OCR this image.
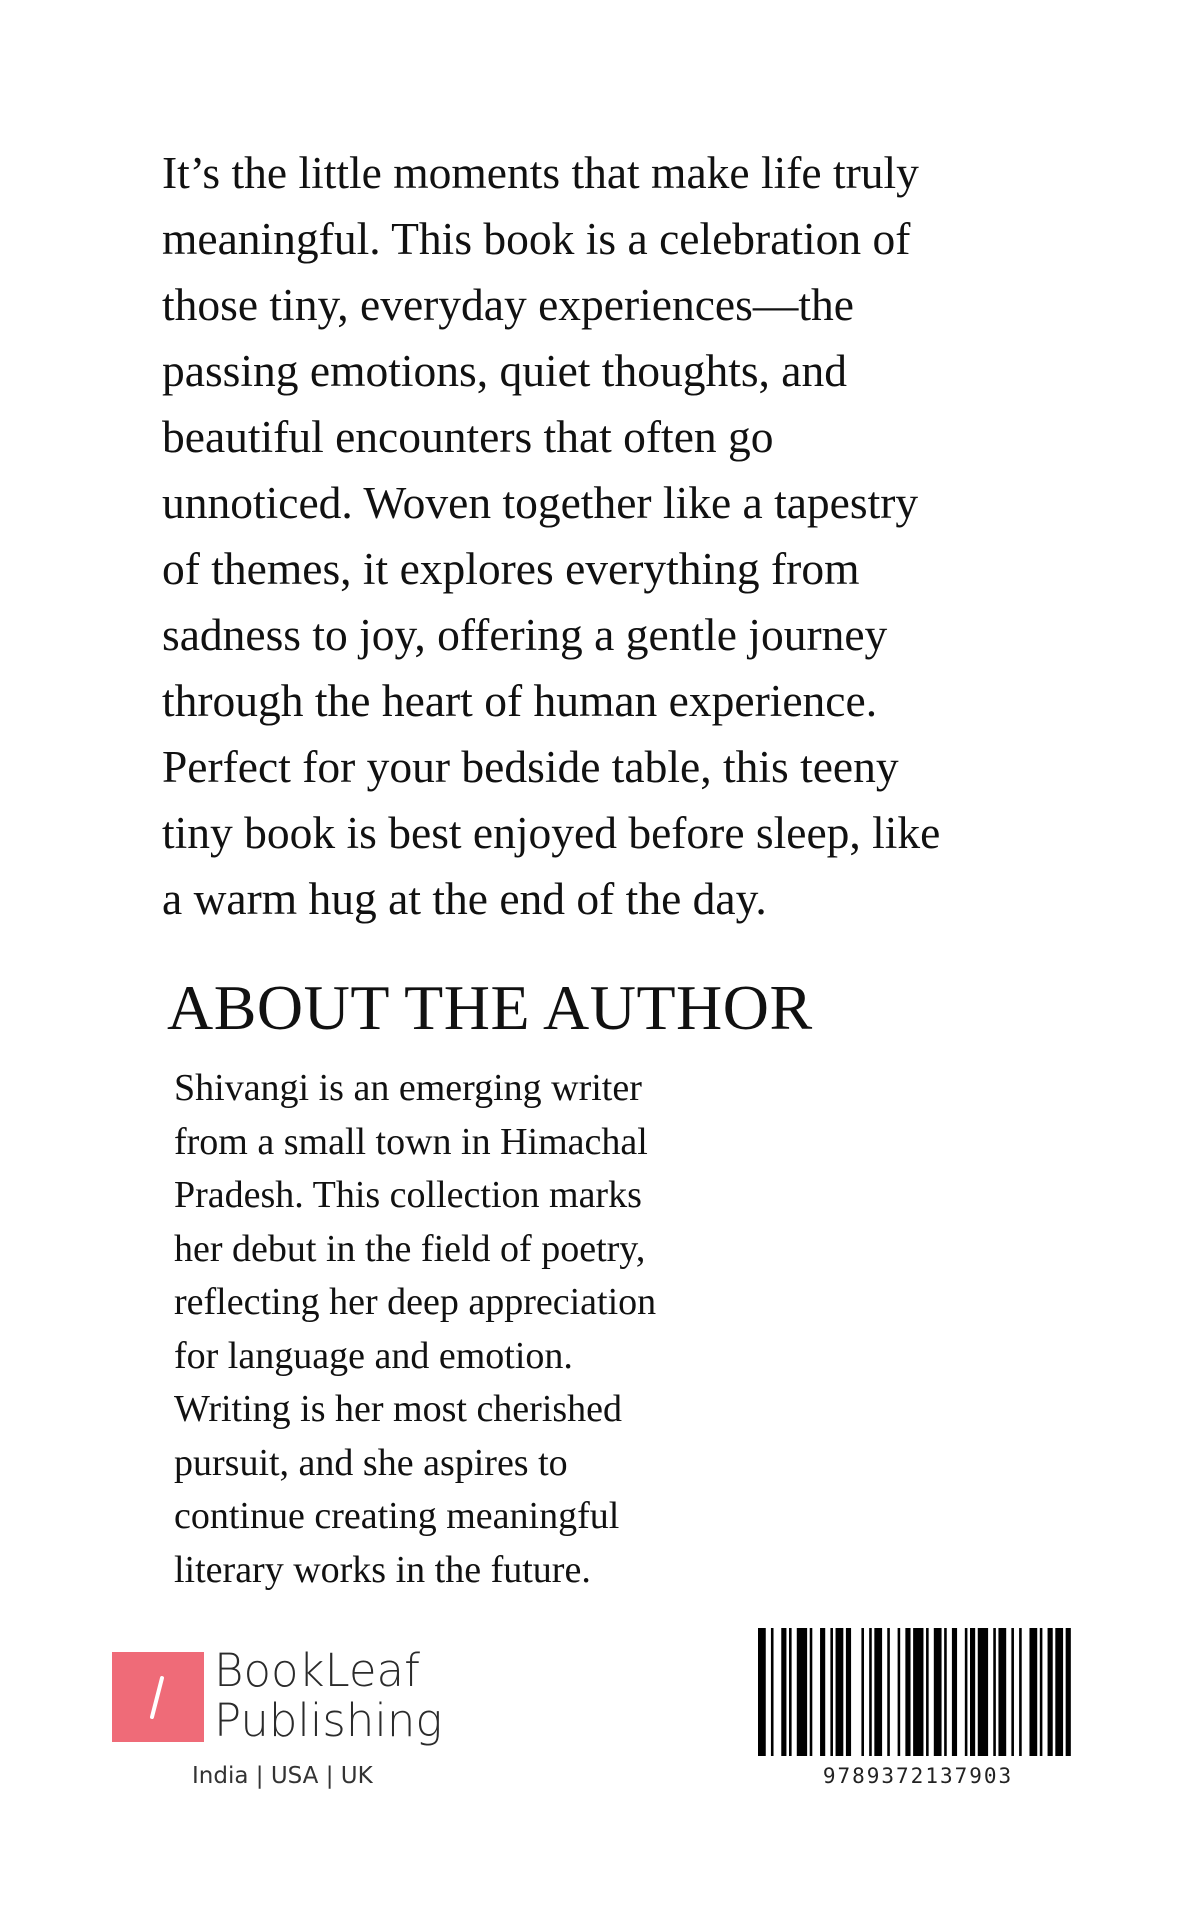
It’s the little moments that make life truly
meaningful. This book is a celebration of
those tiny, everyday experiences—the
passing emotions, quiet thoughts, and
beautiful encounters that often go
unnoticed. Woven together like a tapestry
of themes, it explores everything from
sadness to joy, offering a gentle journey
through the heart of human experience.
Perfect for your bedside table, this teeny
tiny book is best enjoyed before sleep, like
a warm hug at the end of the day.
ABOUT THE AUTHOR
Shivangi is an emerging writer
from a small town in Himachal
Pradesh. This collection marks
her debut in the field of poetry,
reflecting her deep appreciation
for language and emotion.
Writing is her most cherished
pursuit, and she aspires to
continue creating meaningful
literary works in the future.
BookLeaf
Publishing
India | USA | UK	9789372137903
